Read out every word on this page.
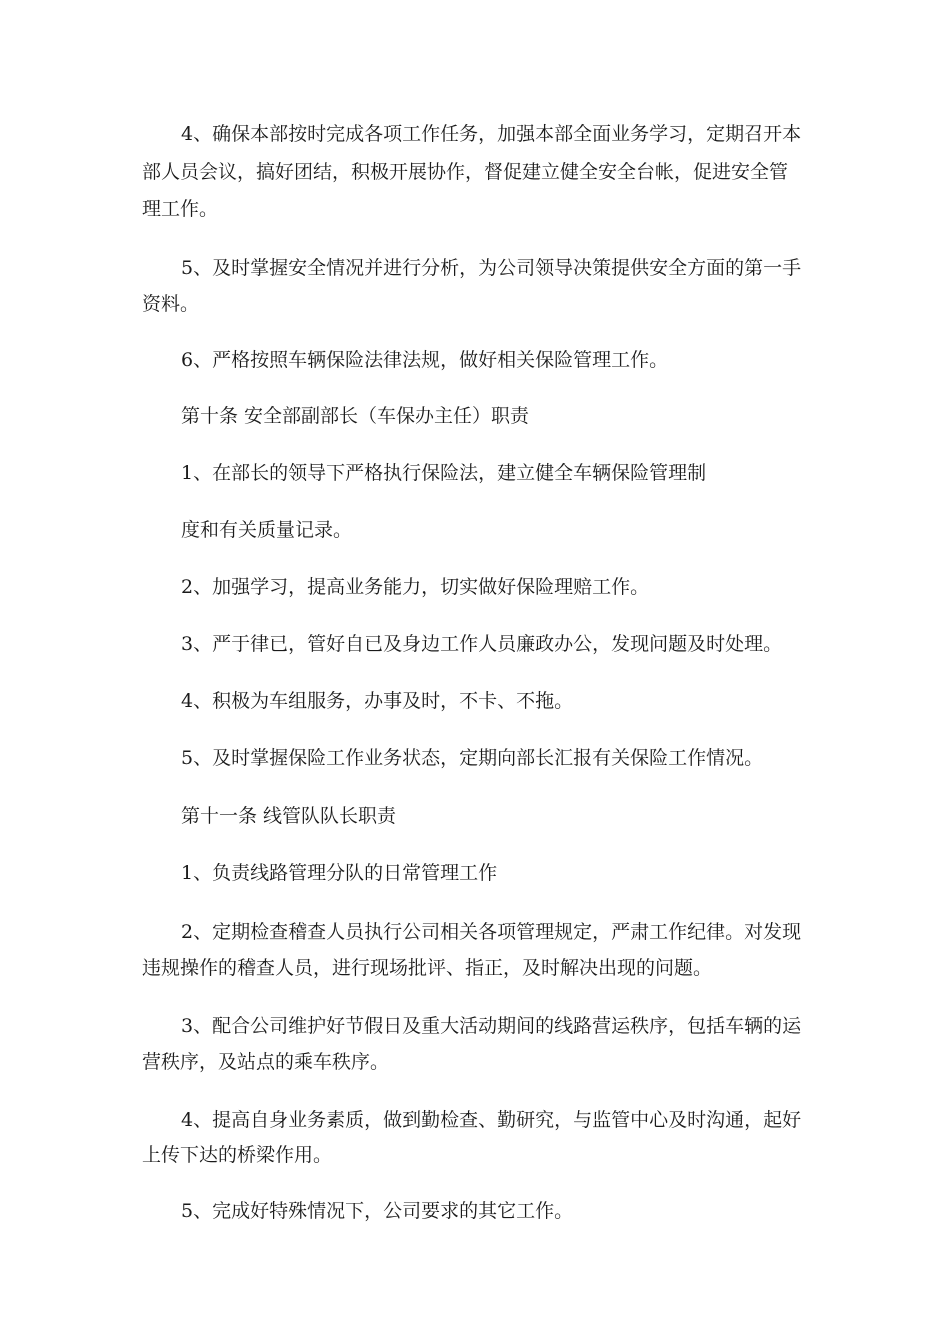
4、确保本部按时完成各项工作任务，加强本部全面业务学习，定期召开本
部人员会议，搞好团结，积极开展协作，督促建立健全安全台帐，促进安全管
理工作。
5、及时掌握安全情况并进行分析，为公司领导决策提供安全方面的第一手
资料。
6、严格按照车辆保险法律法规，做好相关保险管理工作。
第十条 安全部副部长（车保办主任）职责
1、在部长的领导下严格执行保险法，建立健全车辆保险管理制
度和有关质量记录。
2、加强学习，提高业务能力，切实做好保险理赔工作。
3、严于律已，管好自已及身边工作人员廉政办公，发现问题及时处理。
4、积极为车组服务，办事及时，不卡、不拖。
5、及时掌握保险工作业务状态，定期向部长汇报有关保险工作情况。
第十一条 线管队队长职责
1、负责线路管理分队的日常管理工作
2、定期检查稽查人员执行公司相关各项管理规定，严肃工作纪律。对发现
违规操作的稽查人员，进行现场批评、指正，及时解决出现的问题。
3、配合公司维护好节假日及重大活动期间的线路营运秩序，包括车辆的运
营秩序，及站点的乘车秩序。
4、提高自身业务素质，做到勤检查、勤研究，与监管中心及时沟通，起好
上传下达的桥梁作用。
5、完成好特殊情况下，公司要求的其它工作。
